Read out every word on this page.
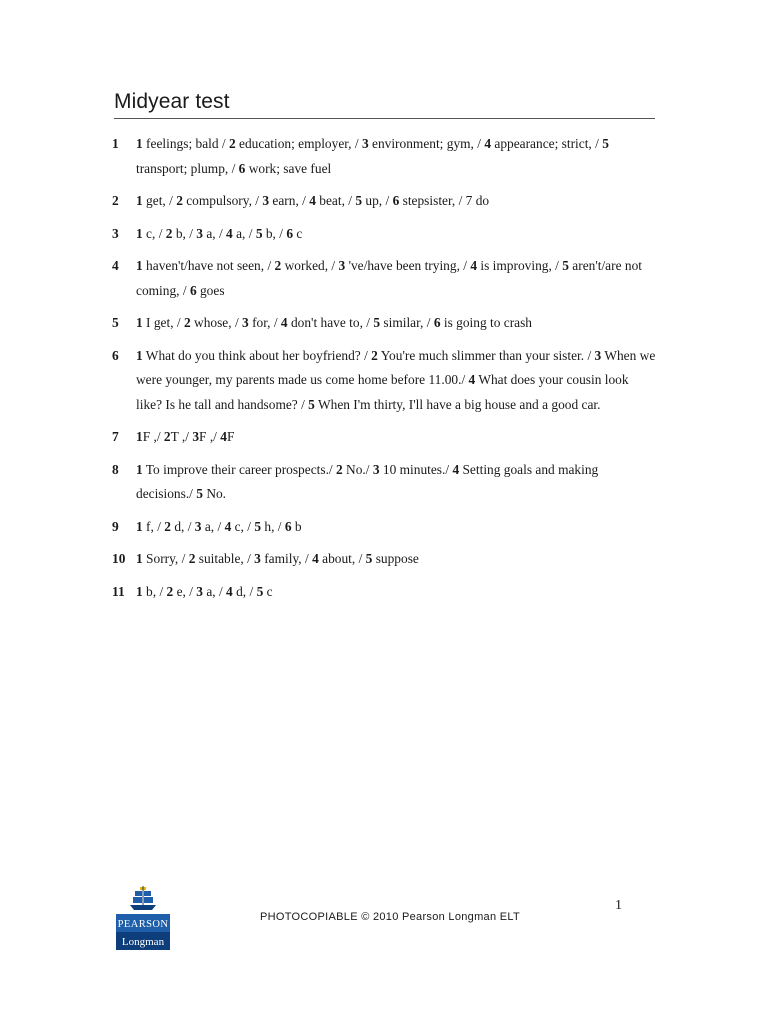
Midyear test
1 1 feelings; bald / 2 education; employer, / 3 environment; gym, / 4 appearance; strict, / 5 transport; plump, / 6 work; save fuel
2 1 get, / 2 compulsory, / 3 earn, / 4 beat, / 5 up, / 6 stepsister, / 7 do
3 1 c, / 2 b, / 3 a, / 4 a, / 5 b, / 6 c
4 1 haven't/have not seen, / 2 worked, / 3 've/have been trying, / 4 is improving, / 5 aren't/are not coming, / 6 goes
5 1 I get, / 2 whose, / 3 for, / 4 don't have to, / 5 similar, / 6 is going to crash
6 1 What do you think about her boyfriend? / 2 You're much slimmer than your sister. / 3 When we were younger, my parents made us come home before 11.00./ 4 What does your cousin look like? Is he tall and handsome? / 5 When I'm thirty, I'll have a big house and a good car.
7 1F ,/ 2T ,/ 3F ,/ 4F
8 1 To improve their career prospects./ 2 No./ 3 10 minutes./ 4 Setting goals and making decisions./ 5 No.
9 1 f, / 2 d, / 3 a, / 4 c, / 5 h, / 6 b
10 1 Sorry, / 2 suitable, / 3 family, / 4 about, / 5 suppose
11 1 b, / 2 e, / 3 a, / 4 d, / 5 c
PEARSON
Longman
PHOTOCOPIABLE © 2010 Pearson Longman ELT
1
